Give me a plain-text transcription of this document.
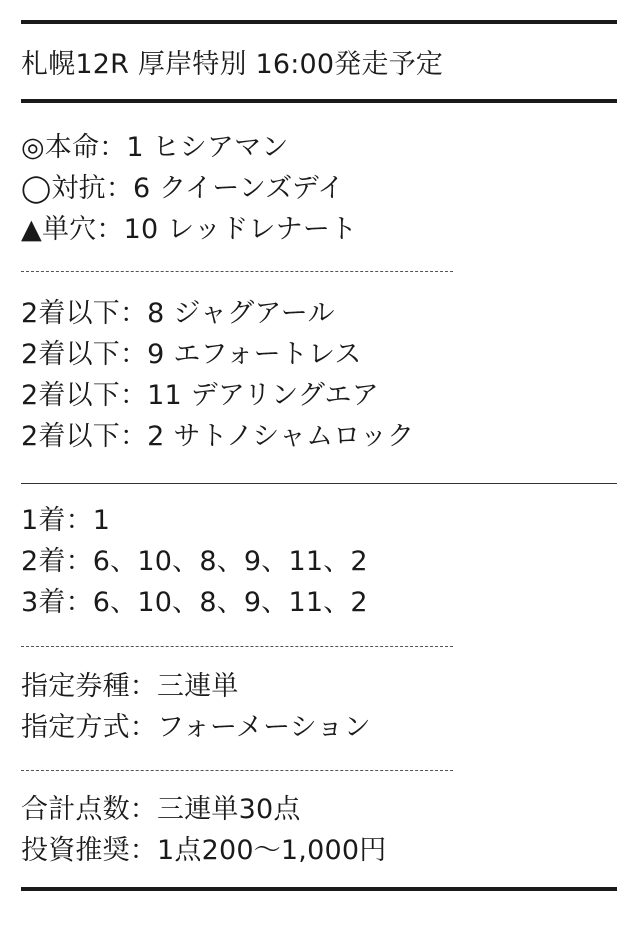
札幌12R 厚岸特別 16:00発走予定
◎本命：1 ヒシアマン
◯対抗：6 クイーンズデイ
▲単穴：10 レッドレナート
2着以下：8 ジャグアール
2着以下：9 エフォートレス
2着以下：11 デアリングエア
2着以下：2 サトノシャムロック
1着：1
2着：6、10、8、9、11、2
3着：6、10、8、9、11、2
指定券種：三連単
指定方式：フォーメーション
合計点数：三連単30点
投資推奨：1点200〜1,000円
